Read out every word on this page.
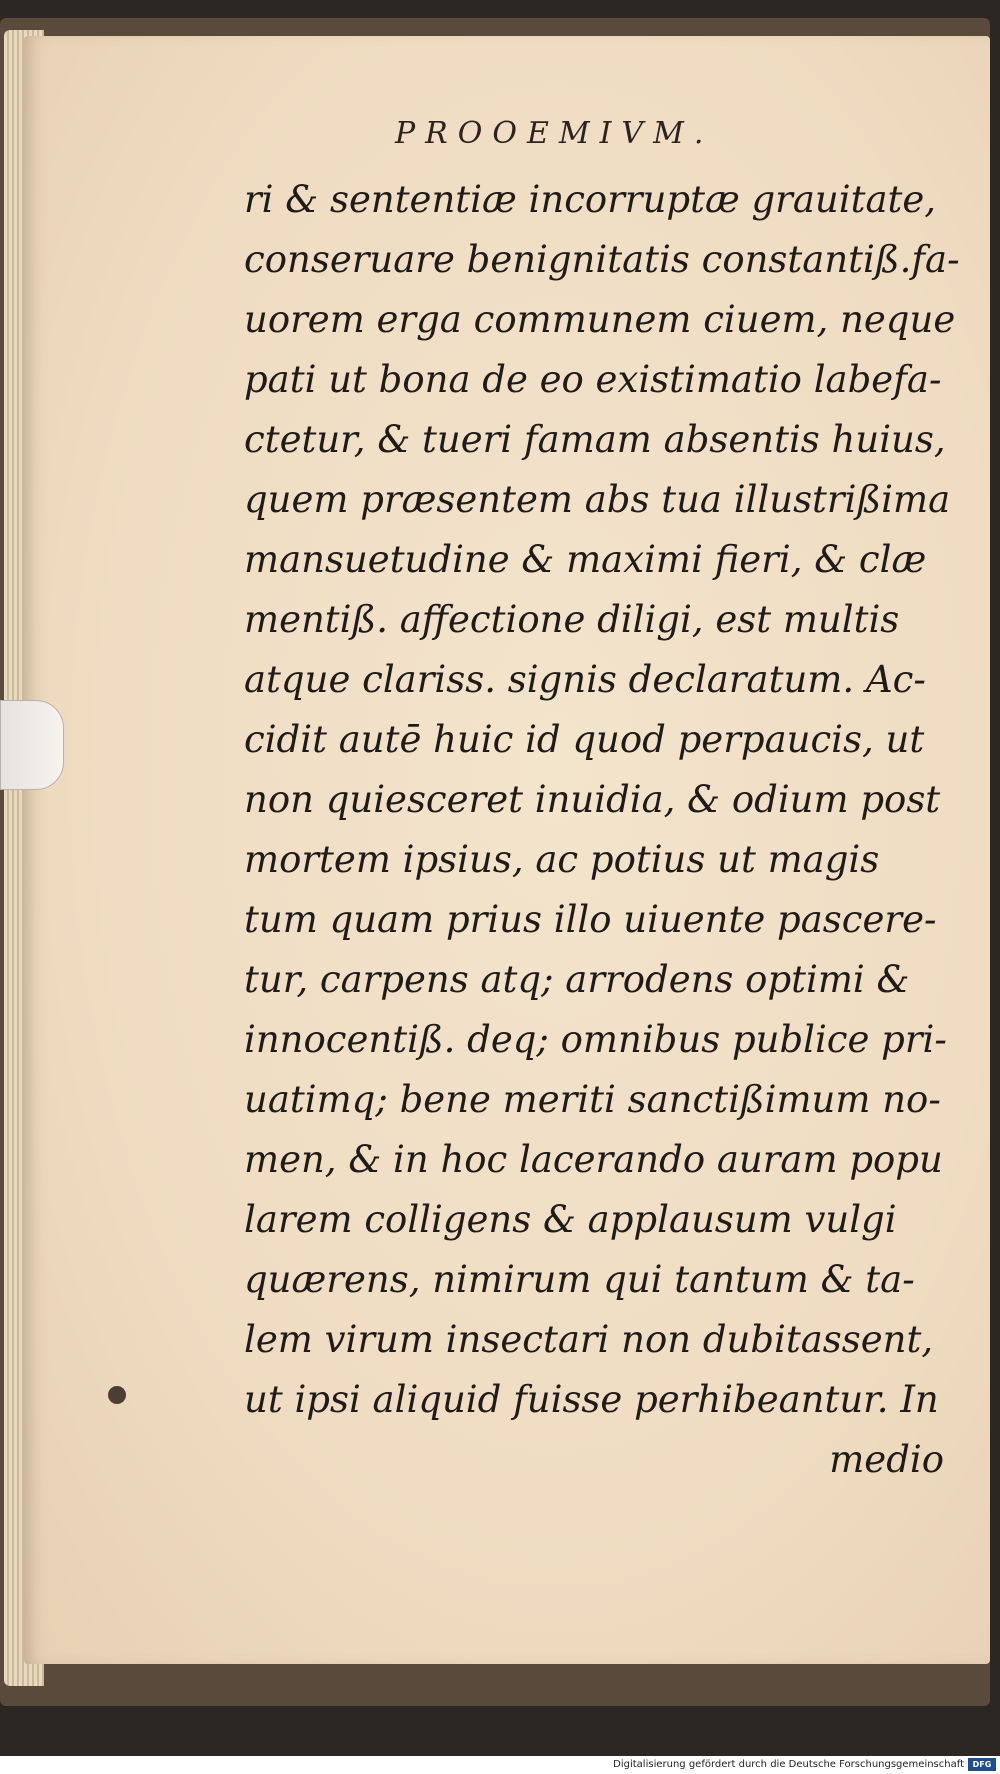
PROOEMIVM.
ri & sententiæ incorruptæ grauitate,
conseruare benignitatis constantiß.fa-
uorem erga communem ciuem, neque
pati ut bona de eo existimatio labefa-
ctetur, & tueri famam absentis huius,
quem præsentem abs tua illustrißima
mansuetudine & maximi fieri, & clæ
mentiß. affectione diligi, est multis
atque clariss. signis declaratum. Ac-
cidit autē huic id quod perpaucis, ut
non quiesceret inuidia, & odium post
mortem ipsius, ac potius ut magis
tum quam prius illo uiuente pascere-
tur, carpens atq; arrodens optimi &
innocentiß. deq; omnibus publice pri-
uatimq; bene meriti sanctißimum no-
men, & in hoc lacerando auram popu
larem colligens & applausum vulgi
quærens, nimirum qui tantum & ta-
lem virum insectari non dubitassent,
ut ipsi aliquid fuisse perhibeantur. In
medio
Digitalisierung gefördert durch die Deutsche Forschungsgemeinschaft	DFG
